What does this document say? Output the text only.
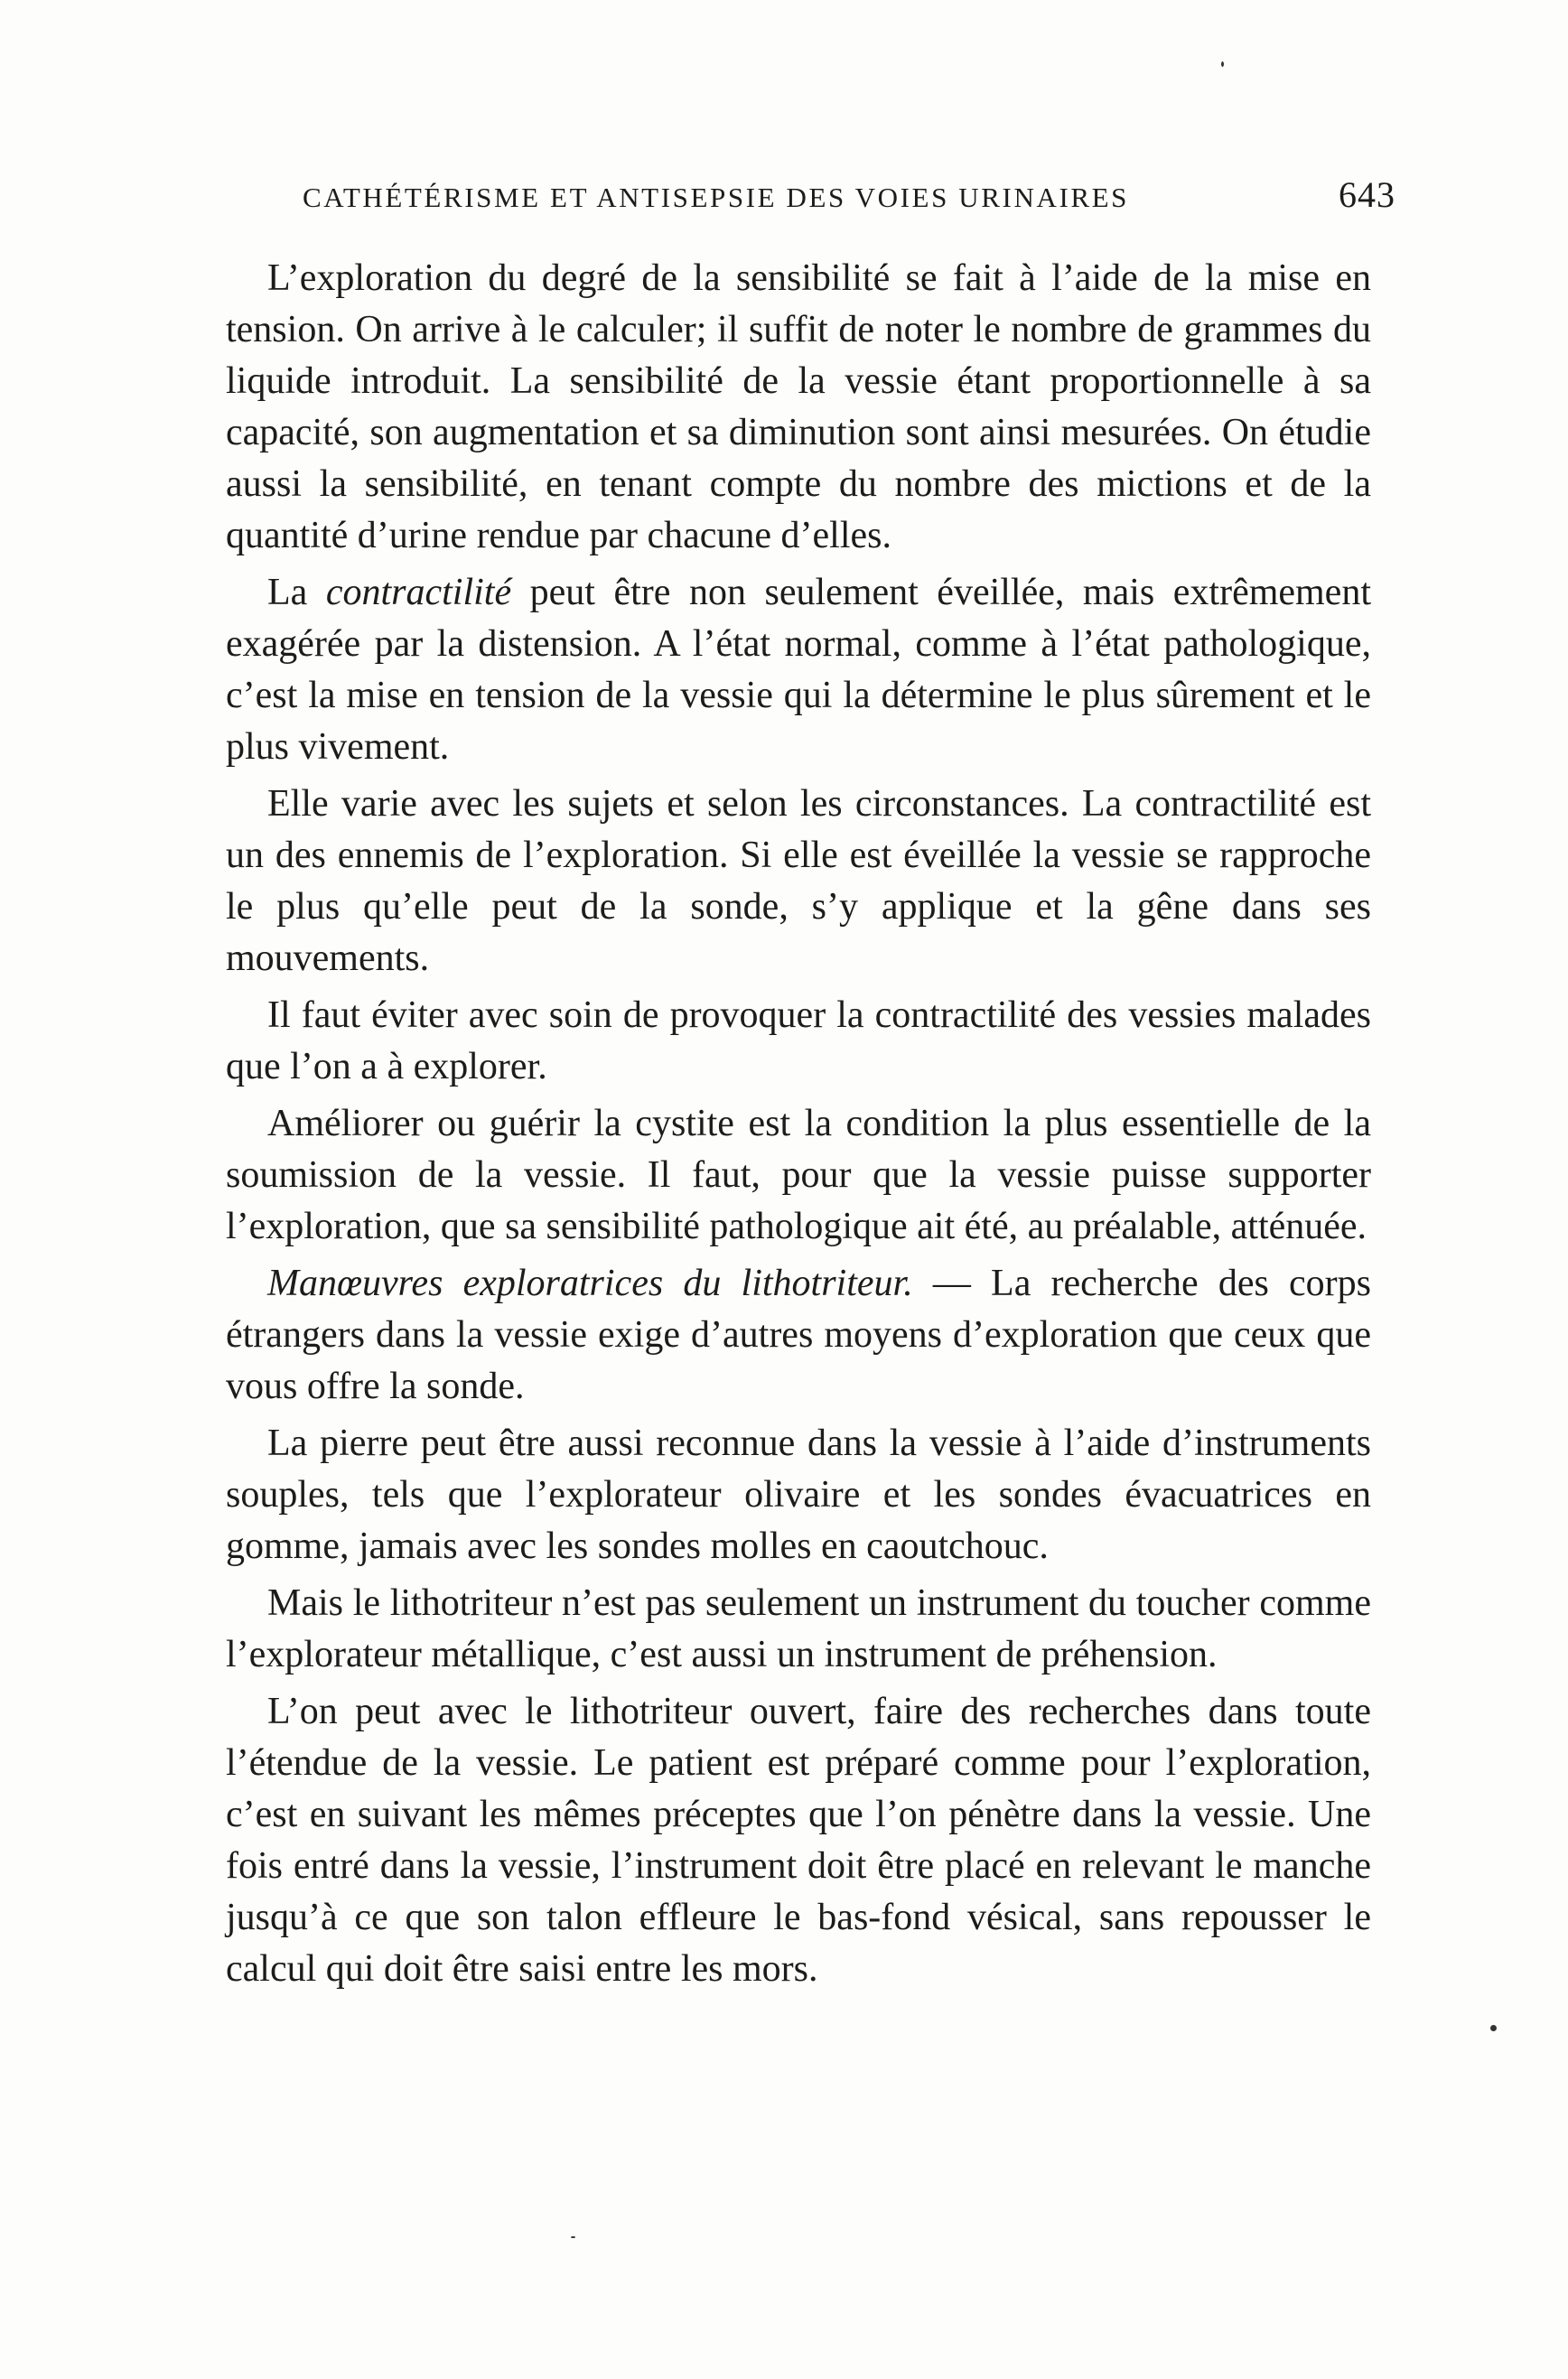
CATHÉTÉRISME ET ANTISEPSIE DES VOIES URINAIRES	643

L’exploration du degré de la sensibilité se fait à l’aide de la mise en tension. On arrive à le calculer; il suffit de noter le nombre de grammes du liquide introduit. La sensibilité de la vessie étant proportionnelle à sa capacité, son augmentation et sa diminution sont ainsi mesurées. On étudie aussi la sensibilité, en tenant compte du nombre des mictions et de la quantité d’urine rendue par chacune d’elles.

La contractilité peut être non seulement éveillée, mais extrêmement exagérée par la distension. A l’état normal, comme à l’état pathologique, c’est la mise en tension de la vessie qui la détermine le plus sûrement et le plus vivement.

Elle varie avec les sujets et selon les circonstances. La contractilité est un des ennemis de l’exploration. Si elle est éveillée la vessie se rapproche le plus qu’elle peut de la sonde, s’y applique et la gêne dans ses mouvements.

Il faut éviter avec soin de provoquer la contractilité des vessies malades que l’on a à explorer.

Améliorer ou guérir la cystite est la condition la plus essentielle de la soumission de la vessie. Il faut, pour que la vessie puisse supporter l’exploration, que sa sensibilité pathologique ait été, au préalable, atténuée.

Manœuvres exploratrices du lithotriteur. — La recherche des corps étrangers dans la vessie exige d’autres moyens d’exploration que ceux que vous offre la sonde.

La pierre peut être aussi reconnue dans la vessie à l’aide d’instruments souples, tels que l’explorateur olivaire et les sondes évacuatrices en gomme, jamais avec les sondes molles en caoutchouc.

Mais le lithotriteur n’est pas seulement un instrument du toucher comme l’explorateur métallique, c’est aussi un instrument de préhension.

L’on peut avec le lithotriteur ouvert, faire des recherches dans toute l’étendue de la vessie. Le patient est préparé comme pour l’exploration, c’est en suivant les mêmes préceptes que l’on pénètre dans la vessie. Une fois entré dans la vessie, l’instrument doit être placé en relevant le manche jusqu’à ce que son talon effleure le bas-fond vésical, sans repousser le calcul qui doit être saisi entre les mors.
